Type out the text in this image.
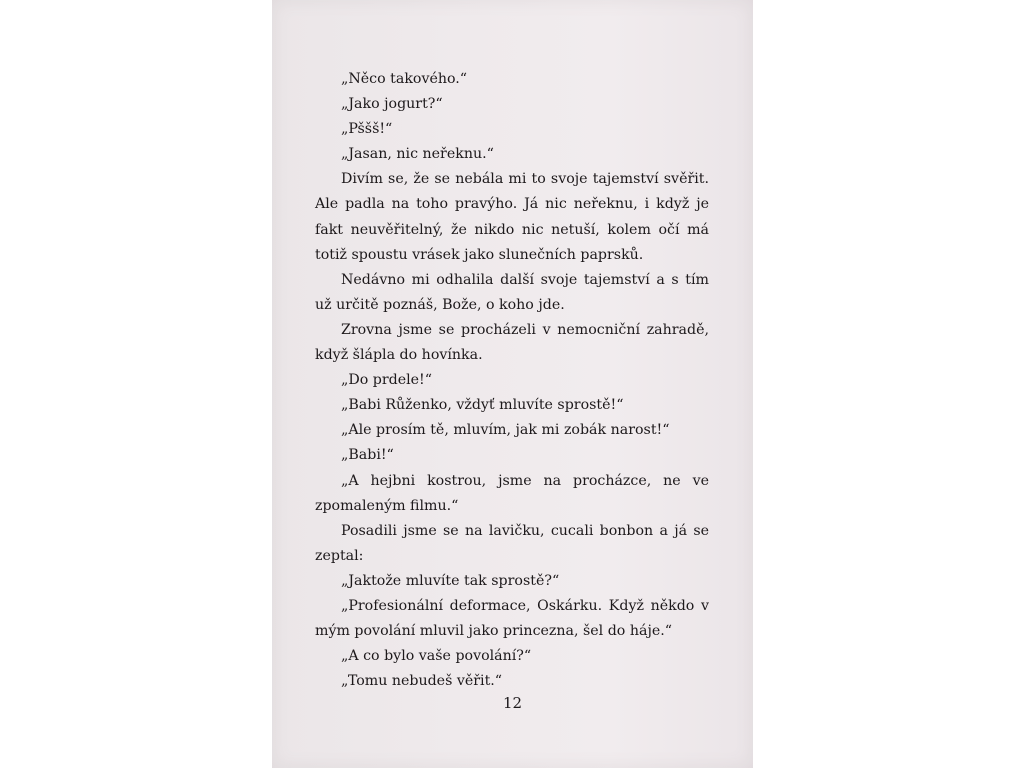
„Něco takového.“

„Jako jogurt?“

„Pššš!“

„Jasan, nic neřeknu.“

Divím se, že se nebála mi to svoje tajemství svěřit. Ale padla na toho pravýho. Já nic neřeknu, i když je fakt neuvěřitelný, že nikdo nic netuší, kolem očí má totiž spoustu vrásek jako slunečních paprsků.

Nedávno mi odhalila další svoje tajemství a s tím už určitě poznáš, Bože, o koho jde.

Zrovna jsme se procházeli v nemocniční zahradě, když šlápla do hovínka.

„Do prdele!“

„Babi Růženko, vždyť mluvíte sprostě!“

„Ale prosím tě, mluvím, jak mi zobák narost!“

„Babi!“

„A hejbni kostrou, jsme na procházce, ne ve zpomaleným filmu.“

Posadili jsme se na lavičku, cucali bonbon a já se zeptal:

„Jaktože mluvíte tak sprostě?“

„Profesionální deformace, Oskárku. Když někdo v mým povolání mluvil jako princezna, šel do háje.“

„A co bylo vaše povolání?“

„Tomu nebudeš věřit.“

12
